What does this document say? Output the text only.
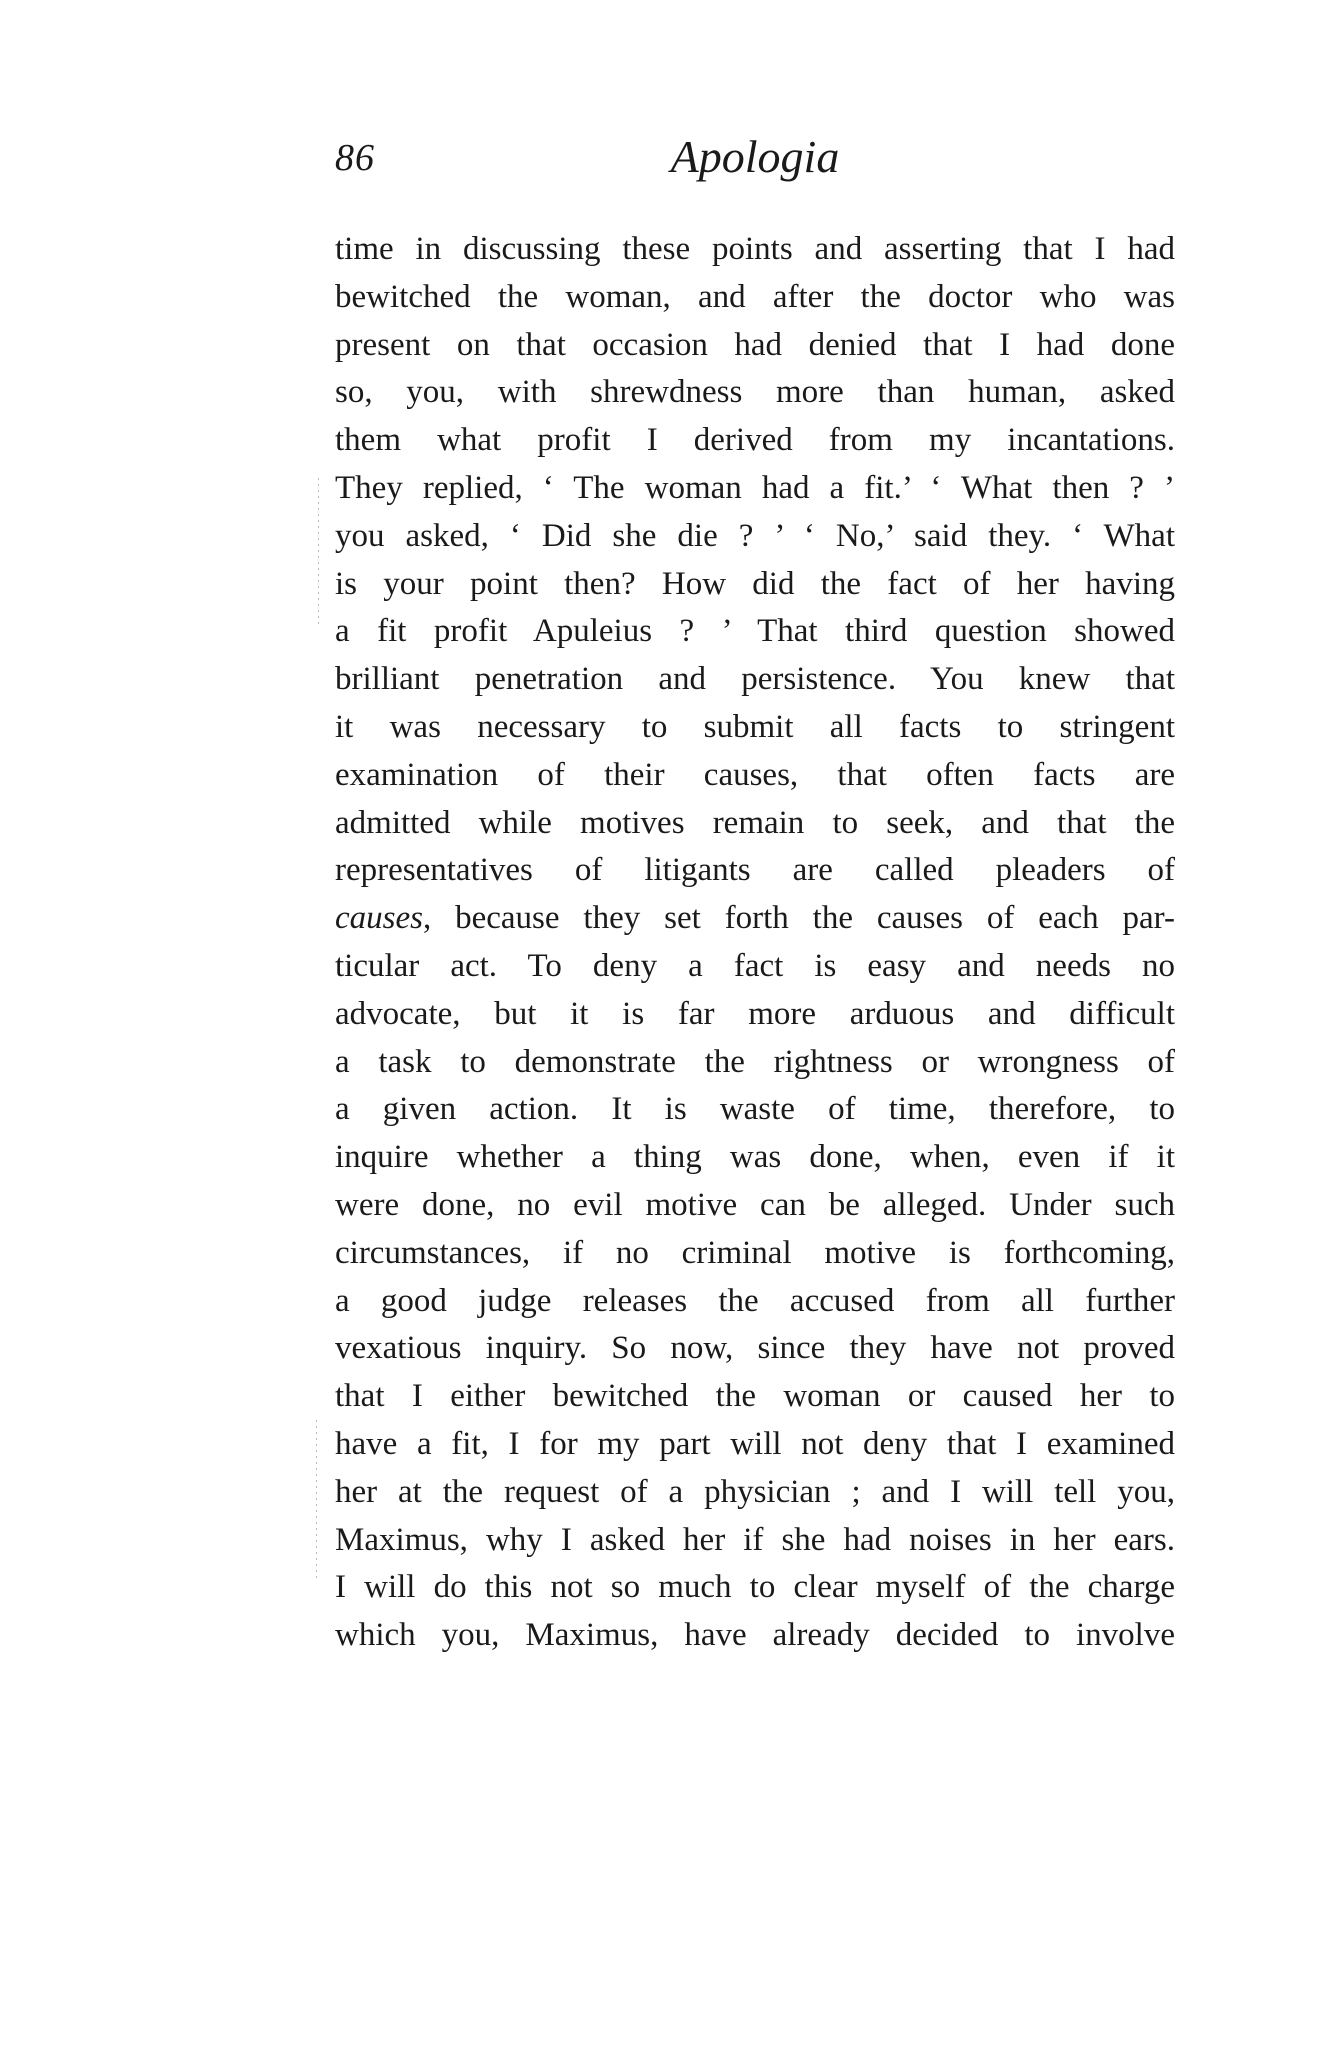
86	Apologia
time in discussing these points and asserting that I had
bewitched the woman, and after the doctor who was
present on that occasion had denied that I had done
so, you, with shrewdness more than human, asked
them what profit I derived from my incantations.
They replied, ‘ The woman had a fit.’ ‘ What then ? ’
you asked, ‘ Did she die ? ’ ‘ No,’ said they. ‘ What
is your point then? How did the fact of her having
a fit profit Apuleius ? ’ That third question showed
brilliant penetration and persistence. You knew that
it was necessary to submit all facts to stringent
examination of their causes, that often facts are
admitted while motives remain to seek, and that the
representatives of litigants are called pleaders of
causes, because they set forth the causes of each par-
ticular act. To deny a fact is easy and needs no
advocate, but it is far more arduous and difficult
a task to demonstrate the rightness or wrongness of
a given action. It is waste of time, therefore, to
inquire whether a thing was done, when, even if it
were done, no evil motive can be alleged. Under such
circumstances, if no criminal motive is forthcoming,
a good judge releases the accused from all further
vexatious inquiry. So now, since they have not proved
that I either bewitched the woman or caused her to
have a fit, I for my part will not deny that I examined
her at the request of a physician ; and I will tell you,
Maximus, why I asked her if she had noises in her ears.
I will do this not so much to clear myself of the charge
which you, Maximus, have already decided to involve
